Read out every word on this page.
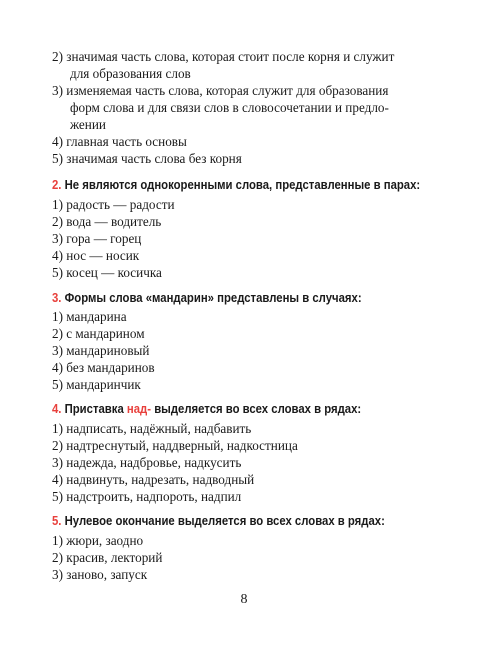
2) значимая часть слова, которая стоит после корня и служит
для образования слов
3) изменяемая часть слова, которая служит для образования
форм слова и для связи слов в словосочетании и предло-
жении
4) главная часть основы
5) значимая часть слова без корня
2. Не являются однокоренными слова, представленные в парах:
1) радость — радости
2) вода — водитель
3) гора — горец
4) нос — носик
5) косец — косичка
3. Формы слова «мандарин» представлены в случаях:
1) мандарина
2) с мандарином
3) мандариновый
4) без мандаринов
5) мандаринчик
4. Приставка над- выделяется во всех словах в рядах:
1) надписать, надёжный, надбавить
2) надтреснутый, наддверный, надкостница
3) надежда, надбровье, надкусить
4) надвинуть, надрезать, надводный
5) надстроить, надпороть, надпил
5. Нулевое окончание выделяется во всех словах в рядах:
1) жюри, заодно
2) красив, лекторий
3) заново, запуск
8
